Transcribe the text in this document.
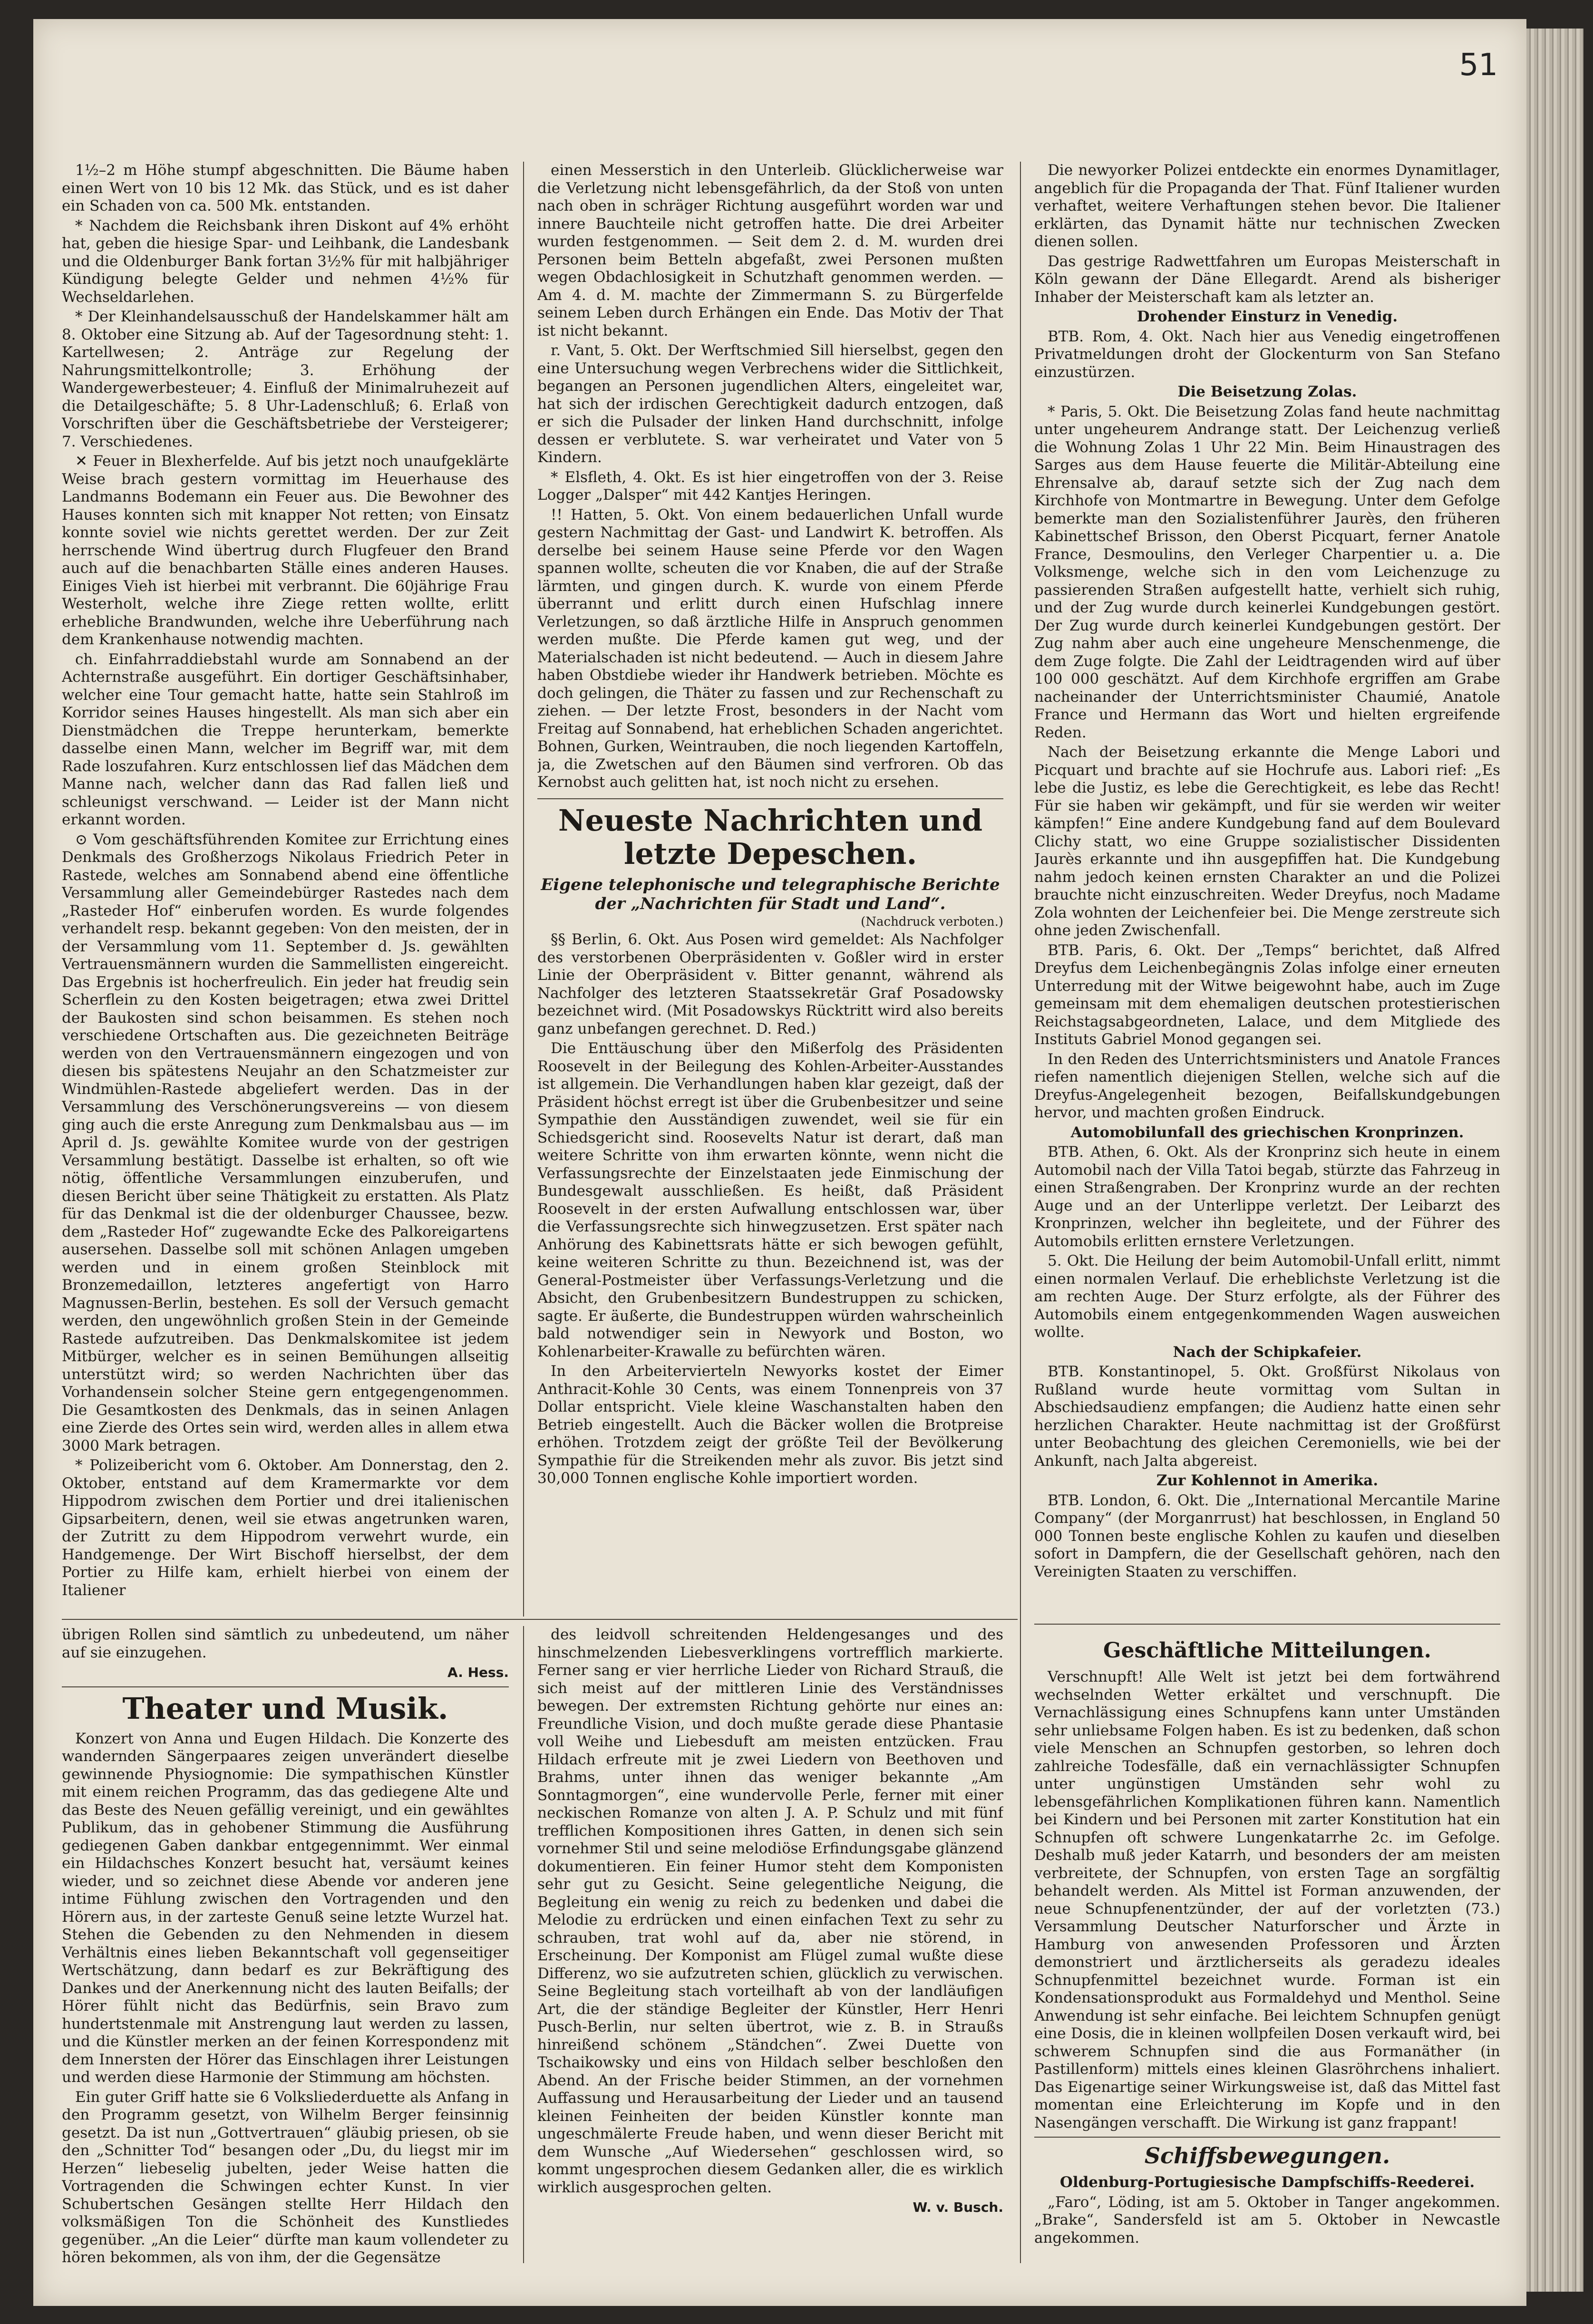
51

1½–2 m Höhe stumpf abgeschnitten. Die Bäume haben einen Wert von 10 bis 12 Mk. das Stück, und es ist daher ein Schaden von ca. 500 Mk. entstanden.

* Nachdem die Reichsbank ihren Diskont auf 4% erhöht hat, geben die hiesige Spar- und Leihbank, die Landesbank und die Oldenburger Bank fortan 3½% für mit halbjähriger Kündigung belegte Gelder und nehmen 4½% für Wechseldarlehen.

* Der Kleinhandelsausschuß der Handelskammer hält am 8. Oktober eine Sitzung ab. Auf der Tagesordnung steht: 1. Kartellwesen; 2. Anträge zur Regelung der Nahrungsmittelkontrolle; 3. Erhöhung der Wandergewerbesteuer; 4. Einfluß der Minimalruhezeit auf die Detailgeschäfte; 5. 8 Uhr-Ladenschluß; 6. Erlaß von Vorschriften über die Geschäftsbetriebe der Versteigerer; 7. Verschiedenes.

✕ Feuer in Blexherfelde. Auf bis jetzt noch unaufgeklärte Weise brach gestern vormittag im Heuerhause des Landmanns Bodemann ein Feuer aus. Die Bewohner des Hauses konnten sich mit knapper Not retten; von Einsatz konnte soviel wie nichts gerettet werden. Der zur Zeit herrschende Wind übertrug durch Flugfeuer den Brand auch auf die benachbarten Ställe eines anderen Hauses. Einiges Vieh ist hierbei mit verbrannt. Die 60jährige Frau Westerholt, welche ihre Ziege retten wollte, erlitt erhebliche Brandwunden, welche ihre Ueberführung nach dem Krankenhause notwendig machten.

ch. Einfahrraddiebstahl wurde am Sonnabend an der Achternstraße ausgeführt. Ein dortiger Geschäftsinhaber, welcher eine Tour gemacht hatte, hatte sein Stahlroß im Korridor seines Hauses hingestellt. Als man sich aber ein Dienstmädchen die Treppe herunterkam, bemerkte dasselbe einen Mann, welcher im Begriff war, mit dem Rade loszufahren. Kurz entschlossen lief das Mädchen dem Manne nach, welcher dann das Rad fallen ließ und schleunigst verschwand. — Leider ist der Mann nicht erkannt worden.

⊙ Vom geschäftsführenden Komitee zur Errichtung eines Denkmals des Großherzogs Nikolaus Friedrich Peter in Rastede, welches am Sonnabend abend eine öffentliche Versammlung aller Gemeindebürger Rastedes nach dem „Rasteder Hof“ einberufen worden. Es wurde folgendes verhandelt resp. bekannt gegeben: Von den meisten, der in der Versammlung vom 11. September d. Js. gewählten Vertrauensmännern wurden die Sammellisten eingereicht. Das Ergebnis ist hocherfreulich. Ein jeder hat freudig sein Scherflein zu den Kosten beigetragen; etwa zwei Drittel der Baukosten sind schon beisammen. Es stehen noch verschiedene Ortschaften aus. Die gezeichneten Beiträge werden von den Vertrauensmännern eingezogen und von diesen bis spätestens Neujahr an den Schatzmeister zur Windmühlen-Rastede abgeliefert werden. Das in der Versammlung des Verschönerungsvereins — von diesem ging auch die erste Anregung zum Denkmalsbau aus — im April d. Js. gewählte Komitee wurde von der gestrigen Versammlung bestätigt. Dasselbe ist erhalten, so oft wie nötig, öffentliche Versammlungen einzuberufen, und diesen Bericht über seine Thätigkeit zu erstatten. Als Platz für das Denkmal ist die der oldenburger Chaussee, bezw. dem „Rasteder Hof“ zugewandte Ecke des Palkoreigartens ausersehen. Dasselbe soll mit schönen Anlagen umgeben werden und in einem großen Steinblock mit Bronzemedaillon, letzteres angefertigt von Harro Magnussen-Berlin, bestehen. Es soll der Versuch gemacht werden, den ungewöhnlich großen Stein in der Gemeinde Rastede aufzutreiben. Das Denkmalskomitee ist jedem Mitbürger, welcher es in seinen Bemühungen allseitig unterstützt wird; so werden Nachrichten über das Vorhandensein solcher Steine gern entgegengenommen. Die Gesamtkosten des Denkmals, das in seinen Anlagen eine Zierde des Ortes sein wird, werden alles in allem etwa 3000 Mark betragen.

* Polizeibericht vom 6. Oktober. Am Donnerstag, den 2. Oktober, entstand auf dem Kramermarkte vor dem Hippodrom zwischen dem Portier und drei italienischen Gipsarbeitern, denen, weil sie etwas angetrunken waren, der Zutritt zu dem Hippodrom verwehrt wurde, ein Handgemenge. Der Wirt Bischoff hierselbst, der dem Portier zu Hilfe kam, erhielt hierbei von einem der Italiener

einen Messerstich in den Unterleib. Glücklicherweise war die Verletzung nicht lebensgefährlich, da der Stoß von unten nach oben in schräger Richtung ausgeführt worden war und innere Bauchteile nicht getroffen hatte. Die drei Arbeiter wurden festgenommen. — Seit dem 2. d. M. wurden drei Personen beim Betteln abgefaßt, zwei Personen mußten wegen Obdachlosigkeit in Schutzhaft genommen werden. — Am 4. d. M. machte der Zimmermann S. zu Bürgerfelde seinem Leben durch Erhängen ein Ende. Das Motiv der That ist nicht bekannt.

r. Vant, 5. Okt. Der Werftschmied Sill hierselbst, gegen den eine Untersuchung wegen Verbrechens wider die Sittlichkeit, begangen an Personen jugendlichen Alters, eingeleitet war, hat sich der irdischen Gerechtigkeit dadurch entzogen, daß er sich die Pulsader der linken Hand durchschnitt, infolge dessen er verblutete. S. war verheiratet und Vater von 5 Kindern.

* Elsfleth, 4. Okt. Es ist hier eingetroffen von der 3. Reise Logger „Dalsper“ mit 442 Kantjes Heringen.

!! Hatten, 5. Okt. Von einem bedauerlichen Unfall wurde gestern Nachmittag der Gast- und Landwirt K. betroffen. Als derselbe bei seinem Hause seine Pferde vor den Wagen spannen wollte, scheuten die vor Knaben, die auf der Straße lärmten, und gingen durch. K. wurde von einem Pferde überrannt und erlitt durch einen Hufschlag innere Verletzungen, so daß ärztliche Hilfe in Anspruch genommen werden mußte. Die Pferde kamen gut weg, und der Materialschaden ist nicht bedeutend. — Auch in diesem Jahre haben Obstdiebe wieder ihr Handwerk betrieben. Möchte es doch gelingen, die Thäter zu fassen und zur Rechenschaft zu ziehen. — Der letzte Frost, besonders in der Nacht vom Freitag auf Sonnabend, hat erheblichen Schaden angerichtet. Bohnen, Gurken, Weintrauben, die noch liegenden Kartoffeln, ja, die Zwetschen auf den Bäumen sind verfroren. Ob das Kernobst auch gelitten hat, ist noch nicht zu ersehen.

Neueste Nachrichten und letzte Depeschen.
Eigene telephonische und telegraphische Berichte der „Nachrichten für Stadt und Land“.
(Nachdruck verboten.)

§§ Berlin, 6. Okt. Aus Posen wird gemeldet: Als Nachfolger des verstorbenen Oberpräsidenten v. Goßler wird in erster Linie der Oberpräsident v. Bitter genannt, während als Nachfolger des letzteren Staatssekretär Graf Posadowsky bezeichnet wird. (Mit Posadowskys Rücktritt wird also bereits ganz unbefangen gerechnet. D. Red.)

Die Enttäuschung über den Mißerfolg des Präsidenten Roosevelt in der Beilegung des Kohlen-Arbeiter-Ausstandes ist allgemein. Die Verhandlungen haben klar gezeigt, daß der Präsident höchst erregt ist über die Grubenbesitzer und seine Sympathie den Ausständigen zuwendet, weil sie für ein Schiedsgericht sind. Roosevelts Natur ist derart, daß man weitere Schritte von ihm erwarten könnte, wenn nicht die Verfassungsrechte der Einzelstaaten jede Einmischung der Bundesgewalt ausschließen. Es heißt, daß Präsident Roosevelt in der ersten Aufwallung entschlossen war, über die Verfassungsrechte sich hinwegzusetzen. Erst später nach Anhörung des Kabinettsrats hätte er sich bewogen gefühlt, keine weiteren Schritte zu thun. Bezeichnend ist, was der General-Postmeister über Verfassungs-Verletzung und die Absicht, den Grubenbesitzern Bundestruppen zu schicken, sagte. Er äußerte, die Bundestruppen würden wahrscheinlich bald notwendiger sein in Newyork und Boston, wo Kohlenarbeiter-Krawalle zu befürchten wären.

In den Arbeitervierteln Newyorks kostet der Eimer Anthracit-Kohle 30 Cents, was einem Tonnenpreis von 37 Dollar entspricht. Viele kleine Waschanstalten haben den Betrieb eingestellt. Auch die Bäcker wollen die Brotpreise erhöhen. Trotzdem zeigt der größte Teil der Bevölkerung Sympathie für die Streikenden mehr als zuvor. Bis jetzt sind 30,000 Tonnen englische Kohle importiert worden.

Die newyorker Polizei entdeckte ein enormes Dynamitlager, angeblich für die Propaganda der That. Fünf Italiener wurden verhaftet, weitere Verhaftungen stehen bevor. Die Italiener erklärten, das Dynamit hätte nur technischen Zwecken dienen sollen.

Das gestrige Radwettfahren um Europas Meisterschaft in Köln gewann der Däne Ellegardt. Arend als bisheriger Inhaber der Meisterschaft kam als letzter an.

Drohender Einsturz in Venedig.

BTB. Rom, 4. Okt. Nach hier aus Venedig eingetroffenen Privatmeldungen droht der Glockenturm von San Stefano einzustürzen.

Die Beisetzung Zolas.

* Paris, 5. Okt. Die Beisetzung Zolas fand heute nachmittag unter ungeheurem Andrange statt. Der Leichenzug verließ die Wohnung Zolas 1 Uhr 22 Min. Beim Hinaustragen des Sarges aus dem Hause feuerte die Militär-Abteilung eine Ehrensalve ab, darauf setzte sich der Zug nach dem Kirchhofe von Montmartre in Bewegung. Unter dem Gefolge bemerkte man den Sozialistenführer Jaurès, den früheren Kabinettschef Brisson, den Oberst Picquart, ferner Anatole France, Desmoulins, den Verleger Charpentier u. a. Die Volksmenge, welche sich in den vom Leichenzuge zu passierenden Straßen aufgestellt hatte, verhielt sich ruhig, und der Zug wurde durch keinerlei Kundgebungen gestört. Der Zug wurde durch keinerlei Kundgebungen gestört. Der Zug nahm aber auch eine ungeheure Menschenmenge, die dem Zuge folgte. Die Zahl der Leidtragenden wird auf über 100 000 geschätzt. Auf dem Kirchhofe ergriffen am Grabe nacheinander der Unterrichtsminister Chaumié, Anatole France und Hermann das Wort und hielten ergreifende Reden.

Nach der Beisetzung erkannte die Menge Labori und Picquart und brachte auf sie Hochrufe aus. Labori rief: „Es lebe die Justiz, es lebe die Gerechtigkeit, es lebe das Recht! Für sie haben wir gekämpft, und für sie werden wir weiter kämpfen!“ Eine andere Kundgebung fand auf dem Boulevard Clichy statt, wo eine Gruppe sozialistischer Dissidenten Jaurès erkannte und ihn ausgepfiffen hat. Die Kundgebung nahm jedoch keinen ernsten Charakter an und die Polizei brauchte nicht einzuschreiten. Weder Dreyfus, noch Madame Zola wohnten der Leichenfeier bei. Die Menge zerstreute sich ohne jeden Zwischenfall.

BTB. Paris, 6. Okt. Der „Temps“ berichtet, daß Alfred Dreyfus dem Leichenbegängnis Zolas infolge einer erneuten Unterredung mit der Witwe beigewohnt habe, auch im Zuge gemeinsam mit dem ehemaligen deutschen protestierischen Reichstagsabgeordneten, Lalace, und dem Mitgliede des Instituts Gabriel Monod gegangen sei.

In den Reden des Unterrichtsministers und Anatole Frances riefen namentlich diejenigen Stellen, welche sich auf die Dreyfus-Angelegenheit bezogen, Beifallskundgebungen hervor, und machten großen Eindruck.

Automobilunfall des griechischen Kronprinzen.

BTB. Athen, 6. Okt. Als der Kronprinz sich heute in einem Automobil nach der Villa Tatoi begab, stürzte das Fahrzeug in einen Straßengraben. Der Kronprinz wurde an der rechten Auge und an der Unterlippe verletzt. Der Leibarzt des Kronprinzen, welcher ihn begleitete, und der Führer des Automobils erlitten ernstere Verletzungen.

5. Okt. Die Heilung der beim Automobil-Unfall erlitt, nimmt einen normalen Verlauf. Die erheblichste Verletzung ist die am rechten Auge. Der Sturz erfolgte, als der Führer des Automobils einem entgegenkommenden Wagen ausweichen wollte.

Nach der Schipkafeier.

BTB. Konstantinopel, 5. Okt. Großfürst Nikolaus von Rußland wurde heute vormittag vom Sultan in Abschiedsaudienz empfangen; die Audienz hatte einen sehr herzlichen Charakter. Heute nachmittag ist der Großfürst unter Beobachtung des gleichen Ceremoniells, wie bei der Ankunft, nach Jalta abgereist.

Zur Kohlennot in Amerika.

BTB. London, 6. Okt. Die „International Mercantile Marine Company“ (der Morganrrust) hat beschlossen, in England 50 000 Tonnen beste englische Kohlen zu kaufen und dieselben sofort in Dampfern, die der Gesellschaft gehören, nach den Vereinigten Staaten zu verschiffen.

übrigen Rollen sind sämtlich zu unbedeutend, um näher auf sie einzugehen.

A. Hess.
Theater und Musik.

Konzert von Anna und Eugen Hildach. Die Konzerte des wandernden Sängerpaares zeigen unverändert dieselbe gewinnende Physiognomie: Die sympathischen Künstler mit einem reichen Programm, das das gediegene Alte und das Beste des Neuen gefällig vereinigt, und ein gewähltes Publikum, das in gehobener Stimmung die Ausführung gediegenen Gaben dankbar entgegennimmt. Wer einmal ein Hildachsches Konzert besucht hat, versäumt keines wieder, und so zeichnet diese Abende vor anderen jene intime Fühlung zwischen den Vortragenden und den Hörern aus, in der zarteste Genuß seine letzte Wurzel hat. Stehen die Gebenden zu den Nehmenden in diesem Verhältnis eines lieben Bekanntschaft voll gegenseitiger Wertschätzung, dann bedarf es zur Bekräftigung des Dankes und der Anerkennung nicht des lauten Beifalls; der Hörer fühlt nicht das Bedürfnis, sein Bravo zum hundertstenmale mit Anstrengung laut werden zu lassen, und die Künstler merken an der feinen Korrespondenz mit dem Innersten der Hörer das Einschlagen ihrer Leistungen und werden diese Harmonie der Stimmung am höchsten.

Ein guter Griff hatte sie 6 Volksliederduette als Anfang in den Programm gesetzt, von Wilhelm Berger feinsinnig gesetzt. Da ist nun „Gottvertrauen“ gläubig priesen, ob sie den „Schnitter Tod“ besangen oder „Du, du liegst mir im Herzen“ liebeselig jubelten, jeder Weise hatten die Vortragenden die Schwingen echter Kunst. In vier Schubertschen Gesängen stellte Herr Hildach den volksmäßigen Ton die Schönheit des Kunstliedes gegenüber. „An die Leier“ dürfte man kaum vollendeter zu hören bekommen, als von ihm, der die Gegensätze

des leidvoll schreitenden Heldengesanges und des hinschmelzenden Liebesverklingens vortrefflich markierte. Ferner sang er vier herrliche Lieder von Richard Strauß, die sich meist auf der mittleren Linie des Verständnisses bewegen. Der extremsten Richtung gehörte nur eines an: Freundliche Vision, und doch mußte gerade diese Phantasie voll Weihe und Liebesduft am meisten entzücken. Frau Hildach erfreute mit je zwei Liedern von Beethoven und Brahms, unter ihnen das weniger bekannte „Am Sonntagmorgen“, eine wundervolle Perle, ferner mit einer neckischen Romanze von alten J. A. P. Schulz und mit fünf trefflichen Kompositionen ihres Gatten, in denen sich sein vornehmer Stil und seine melodiöse Erfindungsgabe glänzend dokumentieren. Ein feiner Humor steht dem Komponisten sehr gut zu Gesicht. Seine gelegentliche Neigung, die Begleitung ein wenig zu reich zu bedenken und dabei die Melodie zu erdrücken und einen einfachen Text zu sehr zu schrauben, trat wohl auf da, aber nie störend, in Erscheinung. Der Komponist am Flügel zumal wußte diese Differenz, wo sie aufzutreten schien, glücklich zu verwischen. Seine Begleitung stach vorteilhaft ab von der landläufigen Art, die der ständige Begleiter der Künstler, Herr Henri Pusch-Berlin, nur selten übertrot, wie z. B. in Straußs hinreißend schönem „Ständchen“. Zwei Duette von Tschaikowsky und eins von Hildach selber beschloßen den Abend. An der Frische beider Stimmen, an der vornehmen Auffassung und Herausarbeitung der Lieder und an tausend kleinen Feinheiten der beiden Künstler konnte man ungeschmälerte Freude haben, und wenn dieser Bericht mit dem Wunsche „Auf Wiedersehen“ geschlossen wird, so kommt ungesprochen diesem Gedanken aller, die es wirklich wirklich ausgesprochen gelten.

W. v. Busch.
Geschäftliche Mitteilungen.

Verschnupft! Alle Welt ist jetzt bei dem fortwährend wechselnden Wetter erkältet und verschnupft. Die Vernachlässigung eines Schnupfens kann unter Umständen sehr unliebsame Folgen haben. Es ist zu bedenken, daß schon viele Menschen an Schnupfen gestorben, so lehren doch zahlreiche Todesfälle, daß ein vernachlässigter Schnupfen unter ungünstigen Umständen sehr wohl zu lebensgefährlichen Komplikationen führen kann. Namentlich bei Kindern und bei Personen mit zarter Konstitution hat ein Schnupfen oft schwere Lungenkatarrhe 2c. im Gefolge. Deshalb muß jeder Katarrh, und besonders der am meisten verbreitete, der Schnupfen, von ersten Tage an sorgfältig behandelt werden. Als Mittel ist Forman anzuwenden, der neue Schnupfenentzünder, der auf der vorletzten (73.) Versammlung Deutscher Naturforscher und Ärzte in Hamburg von anwesenden Professoren und Ärzten demonstriert und ärztlicherseits als geradezu ideales Schnupfenmittel bezeichnet wurde. Forman ist ein Kondensationsprodukt aus Formaldehyd und Menthol. Seine Anwendung ist sehr einfache. Bei leichtem Schnupfen genügt eine Dosis, die in kleinen wollpfeilen Dosen verkauft wird, bei schwerem Schnupfen sind die aus Formanäther (in Pastillenform) mittels eines kleinen Glasröhrchens inhaliert. Das Eigenartige seiner Wirkungsweise ist, daß das Mittel fast momentan eine Erleichterung im Kopfe und in den Nasengängen verschafft. Die Wirkung ist ganz frappant!

Schiffsbewegungen.
Oldenburg-Portugiesische Dampfschiffs-Reederei.

„Faro“, Löding, ist am 5. Oktober in Tanger angekommen. „Brake“, Sandersfeld ist am 5. Oktober in Newcastle angekommen.
